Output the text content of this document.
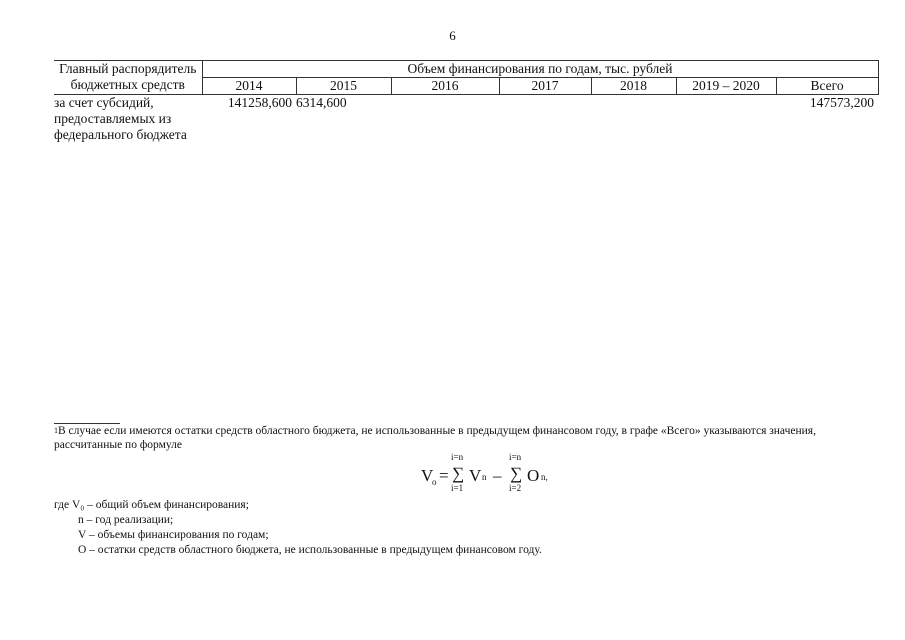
6
Главный распорядитель бюджетных средств	Объем финансирования по годам, тыс. рублей						
	2014	2015	2016	2017	2018	2019 – 2020	Всего
за счет субсидий, предоставляемых из федерального бюджета	141258,600	6314,600					147573,200
$^1$В случае если имеются остатки средств областного бюджета, не использованные в предыдущем финансовом году, в графе «Всего» указываются значения, рассчитанные по формуле
V
o =
i=n
∑
i=1
V n –
i=n
∑
i=2
O n,
где V₀ – общий объем финансирования;
n – год реализации;
V – объемы финансирования по годам;
O – остатки средств областного бюджета, не использованные в предыдущем финансовом году.
